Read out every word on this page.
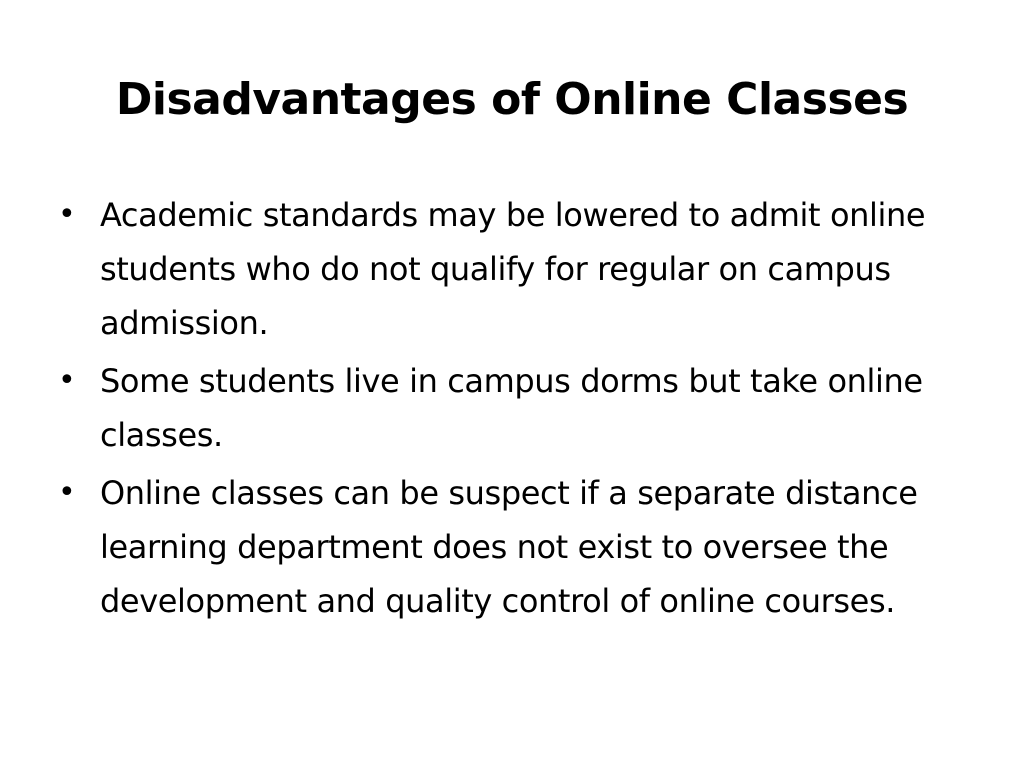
Disadvantages of Online Classes
• Academic standards may be lowered to admit online students who do not qualify for regular on campus admission.
• Some students live in campus dorms but take online classes.
• Online classes can be suspect if a separate distance learning department does not exist to oversee the development and quality control of online courses.
